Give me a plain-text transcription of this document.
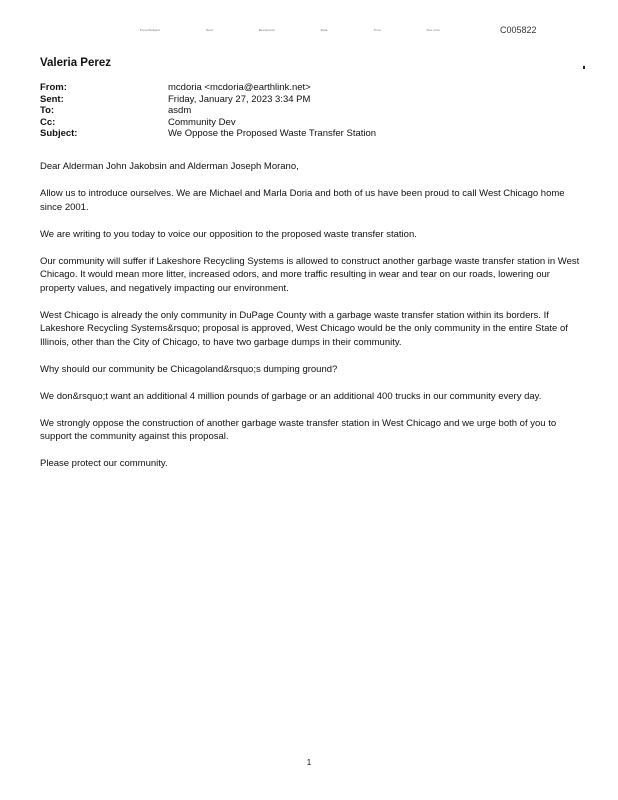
From/Subject	Sent	Recipients	Date	Time	Doc Link	C005822
Valeria Perez
From:	mcdoria <mcdoria@earthlink.net>
Sent:	Friday, January 27, 2023 3:34 PM
To:	asdm
Cc:	Community Dev
Subject:	We Oppose the Proposed Waste Transfer Station

Dear Alderman John Jakobsin and Alderman Joseph Morano,

Allow us to introduce ourselves. We are Michael and Marla Doria and both of us have been proud to call West Chicago home since 2001.

We are writing to you today to voice our opposition to the proposed waste transfer station.

Our community will suffer if Lakeshore Recycling Systems is allowed to construct another garbage waste transfer station in West Chicago. It would mean more litter, increased odors, and more traffic resulting in wear and tear on our roads, lowering our property values, and negatively impacting our environment.

West Chicago is already the only community in DuPage County with a garbage waste transfer station within its borders. If Lakeshore Recycling Systems&rsquo; proposal is approved, West Chicago would be the only community in the entire State of Illinois, other than the City of Chicago, to have two garbage dumps in their community.

Why should our community be Chicagoland&rsquo;s dumping ground?

We don&rsquo;t want an additional 4 million pounds of garbage or an additional 400 trucks in our community every day.

We strongly oppose the construction of another garbage waste transfer station in West Chicago and we urge both of you to support the community against this proposal.

Please protect our community.

1
